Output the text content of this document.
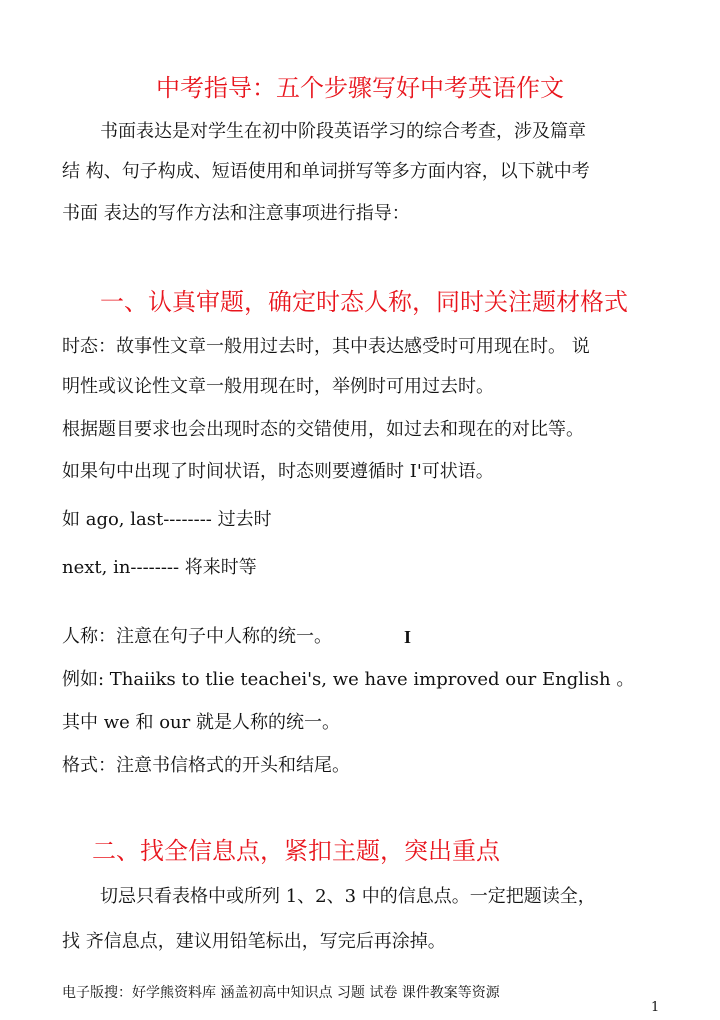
中考指导：五个步骤写好中考英语作文
书面表达是对学生在初中阶段英语学习的综合考查，涉及篇章
结 构、句子构成、短语使用和单词拼写等多方面内容，以下就中考
书面 表达的写作方法和注意事项进行指导：
一、认真审题，确定时态人称，同时关注题材格式
时态：故事性文章一般用过去时，其中表达感受时可用现在时。 说
明性或议论性文章一般用现在时，举例时可用过去时。
根据题目要求也会出现时态的交错使用，如过去和现在的对比等。
如果句中出现了时间状语，时态则要遵循时 I'可状语。
如 ago, last-------- 过去时
next, in-------- 将来时等
人称：注意在句子中人称的统一。	I
例如: Thaiiks to tlie teachei's, we have improved our English 。
其中 we 和 our 就是人称的统一。
格式：注意书信格式的开头和结尾。
二、找全信息点，紧扣主题，突出重点
切忌只看表格中或所列 1、2、3 中的信息点。一定把题读全，
找 齐信息点，建议用铅笔标出，写完后再涂掉。
电子版搜：好学熊资料库 涵盖初高中知识点 习题 试卷 课件教案等资源
1
